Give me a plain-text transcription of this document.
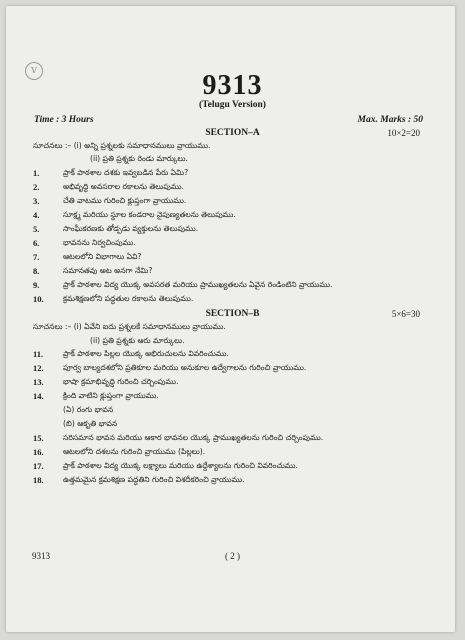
V	9313
(Telugu Version)
Time : 3 Hours	Max. Marks : 50
SECTION–A	10×2=20
సూచనలు :– (i) అన్ని ప్రశ్నలకు సమాధానములు వ్రాయుము.
(ii) ప్రతి ప్రశ్నకు రెండు మార్కులు.
1.	ప్రాక్ పాఠశాల దశకు ఇవ్వబడిన పేరు ఏమి?
2.	అభివృద్ధి అవసరాల రకాలను తెలుపుము.
3.	చేతి వాటము గురించి క్లుప్తంగా వ్రాయుము.
4.	సూక్ష్మ మరియు స్థూల కండరాల నైపుణ్యతలను తెలుపుము.
5.	సాంఘీకరణకు తోడ్పడు వ్యక్తులను తెలుపుము.
6.	భావనను నిర్వచింపుము.
7.	ఆటలలోని విభాగాలు ఏవి?
8.	సమానతవు అట అనగా నేమి?
9.	ప్రాక్ పాఠశాల విద్య యొక్క అవసరత మరియు ప్రాముఖ్యతలను ఏవైన రెండింటిని వ్రాయుము.
10.	క్రమశిక్షణలోని పద్ధతుల రకాలను తెలుపుము.
SECTION–B	5×6=30
సూచనలు :– (i) ఏవేని ఐదు ప్రశ్నలకే సమాధానములు వ్రాయుము.
(ii) ప్రతి ప్రశ్నకు ఆరు మార్కులు.
11.	ప్రాక్ పాఠశాల పిల్లల యొక్క అభిరుచులను వివరించుము.
12.	పూర్వ బాల్యదశలోని ప్రతికూల మరియు అనుకూల ఉద్వేగాలను గురించి వ్రాయుము.
13.	భాషా క్రమాభివృద్ధి గురించి చర్చింపుము.
14.	క్రింది వాటిని క్లుప్తంగా వ్రాయుము.
(ఏ) రంగు భావన
(బి) ఆకృతి భావన
15.	సరిసమాన భావన మరియు ఆకార భావనల యొక్క ప్రాముఖ్యతలను గురించి చర్చింపుము.
16.	ఆటలలోని దశలను గురించి వ్రాయుము (పిల్లలు).
17.	ప్రాక్ పాఠశాల విద్య యొక్క లక్ష్యాలు మరియు ఉద్దేశ్యాలను గురించి వివరించుము.
18.	ఉత్తమమైన క్రమశిక్షణ పద్ధతిని గురించి విశదీకరించి వ్రాయుము.
9313	( 2 )
